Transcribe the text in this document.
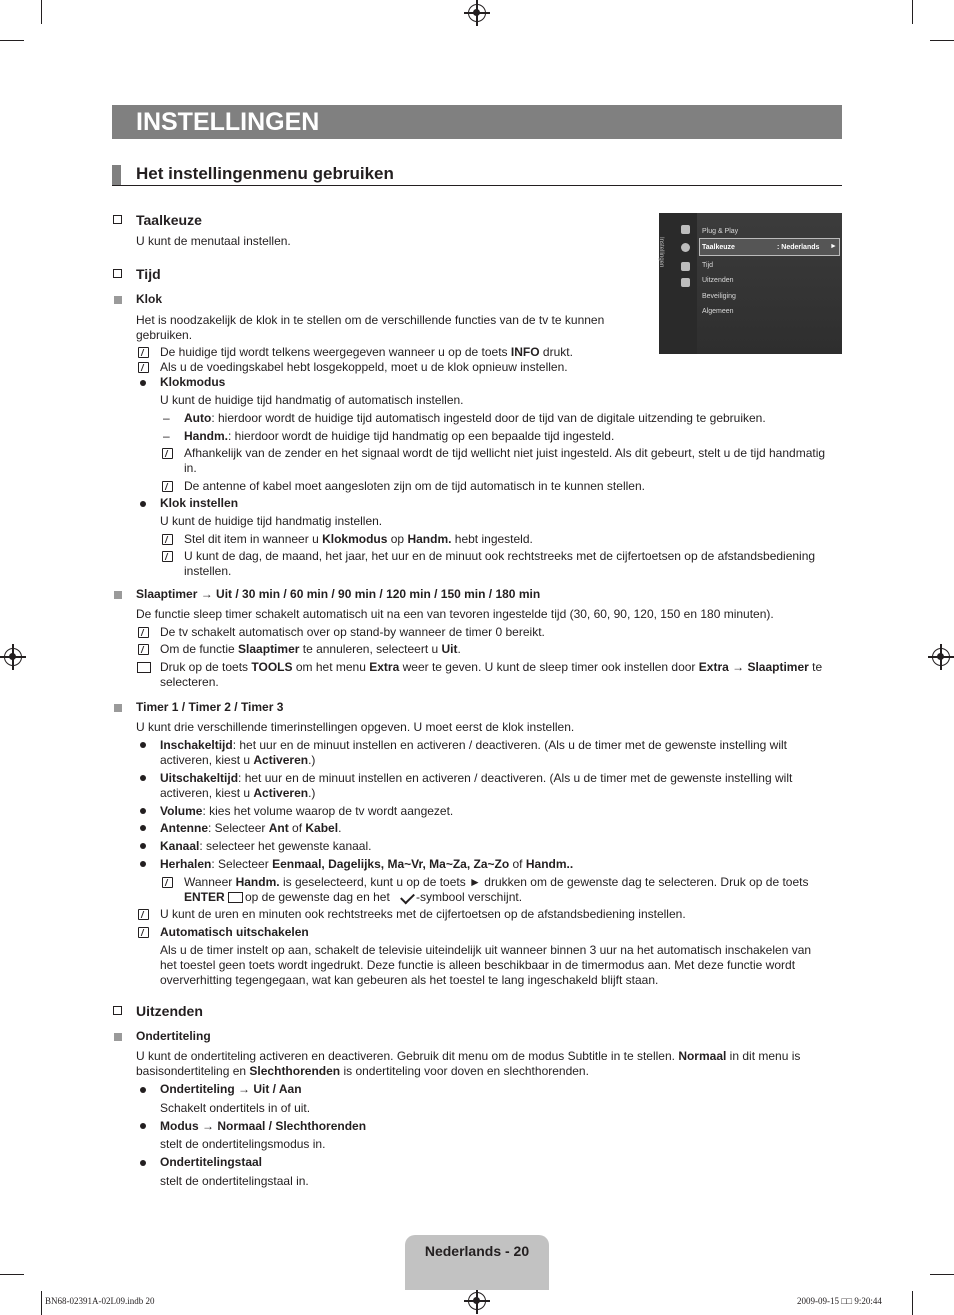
INSTELLINGEN
Het instellingenmenu gebruiken
Instellingen
Plug & Play
Taalkeuze	: Nederlands ►
Tijd
Uitzenden
Beveiliging
Algemeen
Taalkeuze
U kunt de menutaal instellen.
Tijd
Klok
Het is noodzakelijk de klok in te stellen om de verschillende functies van de tv te kunnen gebruiken.
De huidige tijd wordt telkens weergegeven wanneer u op de toets INFO drukt.
Als u de voedingskabel hebt losgekoppeld, moet u de klok opnieuw instellen.
Klokmodus
U kunt de huidige tijd handmatig of automatisch instellen.
– Auto: hierdoor wordt de huidige tijd automatisch ingesteld door de tijd van de digitale uitzending te gebruiken.
– Handm.: hierdoor wordt de huidige tijd handmatig op een bepaalde tijd ingesteld.
Afhankelijk van de zender en het signaal wordt de tijd wellicht niet juist ingesteld. Als dit gebeurt, stelt u de tijd handmatig in.
De antenne of kabel moet aangesloten zijn om de tijd automatisch in te kunnen stellen.
Klok instellen
U kunt de huidige tijd handmatig instellen.
Stel dit item in wanneer u Klokmodus op Handm. hebt ingesteld.
U kunt de dag, de maand, het jaar, het uur en de minuut ook rechtstreeks met de cijfertoetsen op de afstandsbediening instellen.
Slaaptimer → Uit / 30 min / 60 min / 90 min / 120 min / 150 min / 180 min
De functie sleep timer schakelt automatisch uit na een van tevoren ingestelde tijd (30, 60, 90, 120, 150 en 180 minuten).
De tv schakelt automatisch over op stand-by wanneer de timer 0 bereikt.
Om de functie Slaaptimer te annuleren, selecteert u Uit.
Druk op de toets TOOLS om het menu Extra weer te geven. U kunt de sleep timer ook instellen door Extra → Slaaptimer te selecteren.
Timer 1 / Timer 2 / Timer 3
U kunt drie verschillende timerinstellingen opgeven. U moet eerst de klok instellen.
Inschakeltijd: het uur en de minuut instellen en activeren / deactiveren. (Als u de timer met de gewenste instelling wilt activeren, kiest u Activeren.)
Uitschakeltijd: het uur en de minuut instellen en activeren / deactiveren. (Als u de timer met de gewenste instelling wilt activeren, kiest u Activeren.)
Volume: kies het volume waarop de tv wordt aangezet.
Antenne: Selecteer Ant of Kabel.
Kanaal: selecteer het gewenste kanaal.
Herhalen: Selecteer Eenmaal, Dagelijks, Ma~Vr, Ma~Za, Za~Zo of Handm..
Wanneer Handm. is geselecteerd, kunt u op de toets ► drukken om de gewenste dag te selecteren. Druk op de toets
ENTER op de gewenste dag en het -symbool verschijnt.
U kunt de uren en minuten ook rechtstreeks met de cijfertoetsen op de afstandsbediening instellen.
Automatisch uitschakelen
Als u de timer instelt op aan, schakelt de televisie uiteindelijk uit wanneer binnen 3 uur na het automatisch inschakelen van het toestel geen toets wordt ingedrukt. Deze functie is alleen beschikbaar in de timermodus aan. Met deze functie wordt oververhitting tegengegaan, wat kan gebeuren als het toestel te lang ingeschakeld blijft staan.
Uitzenden
Ondertiteling
U kunt de ondertiteling activeren en deactiveren. Gebruik dit menu om de modus Subtitle in te stellen. Normaal in dit menu is basisondertiteling en Slechthorenden is ondertiteling voor doven en slechthorenden.
Ondertiteling → Uit / Aan
Schakelt ondertitels in of uit.
Modus → Normaal / Slechthorenden
stelt de ondertitelingsmodus in.
Ondertitelingstaal
stelt de ondertitelingstaal in.
Nederlands - 20
BN68-02391A-02L09.indb 20	2009-09-15 □□ 9:20:44
